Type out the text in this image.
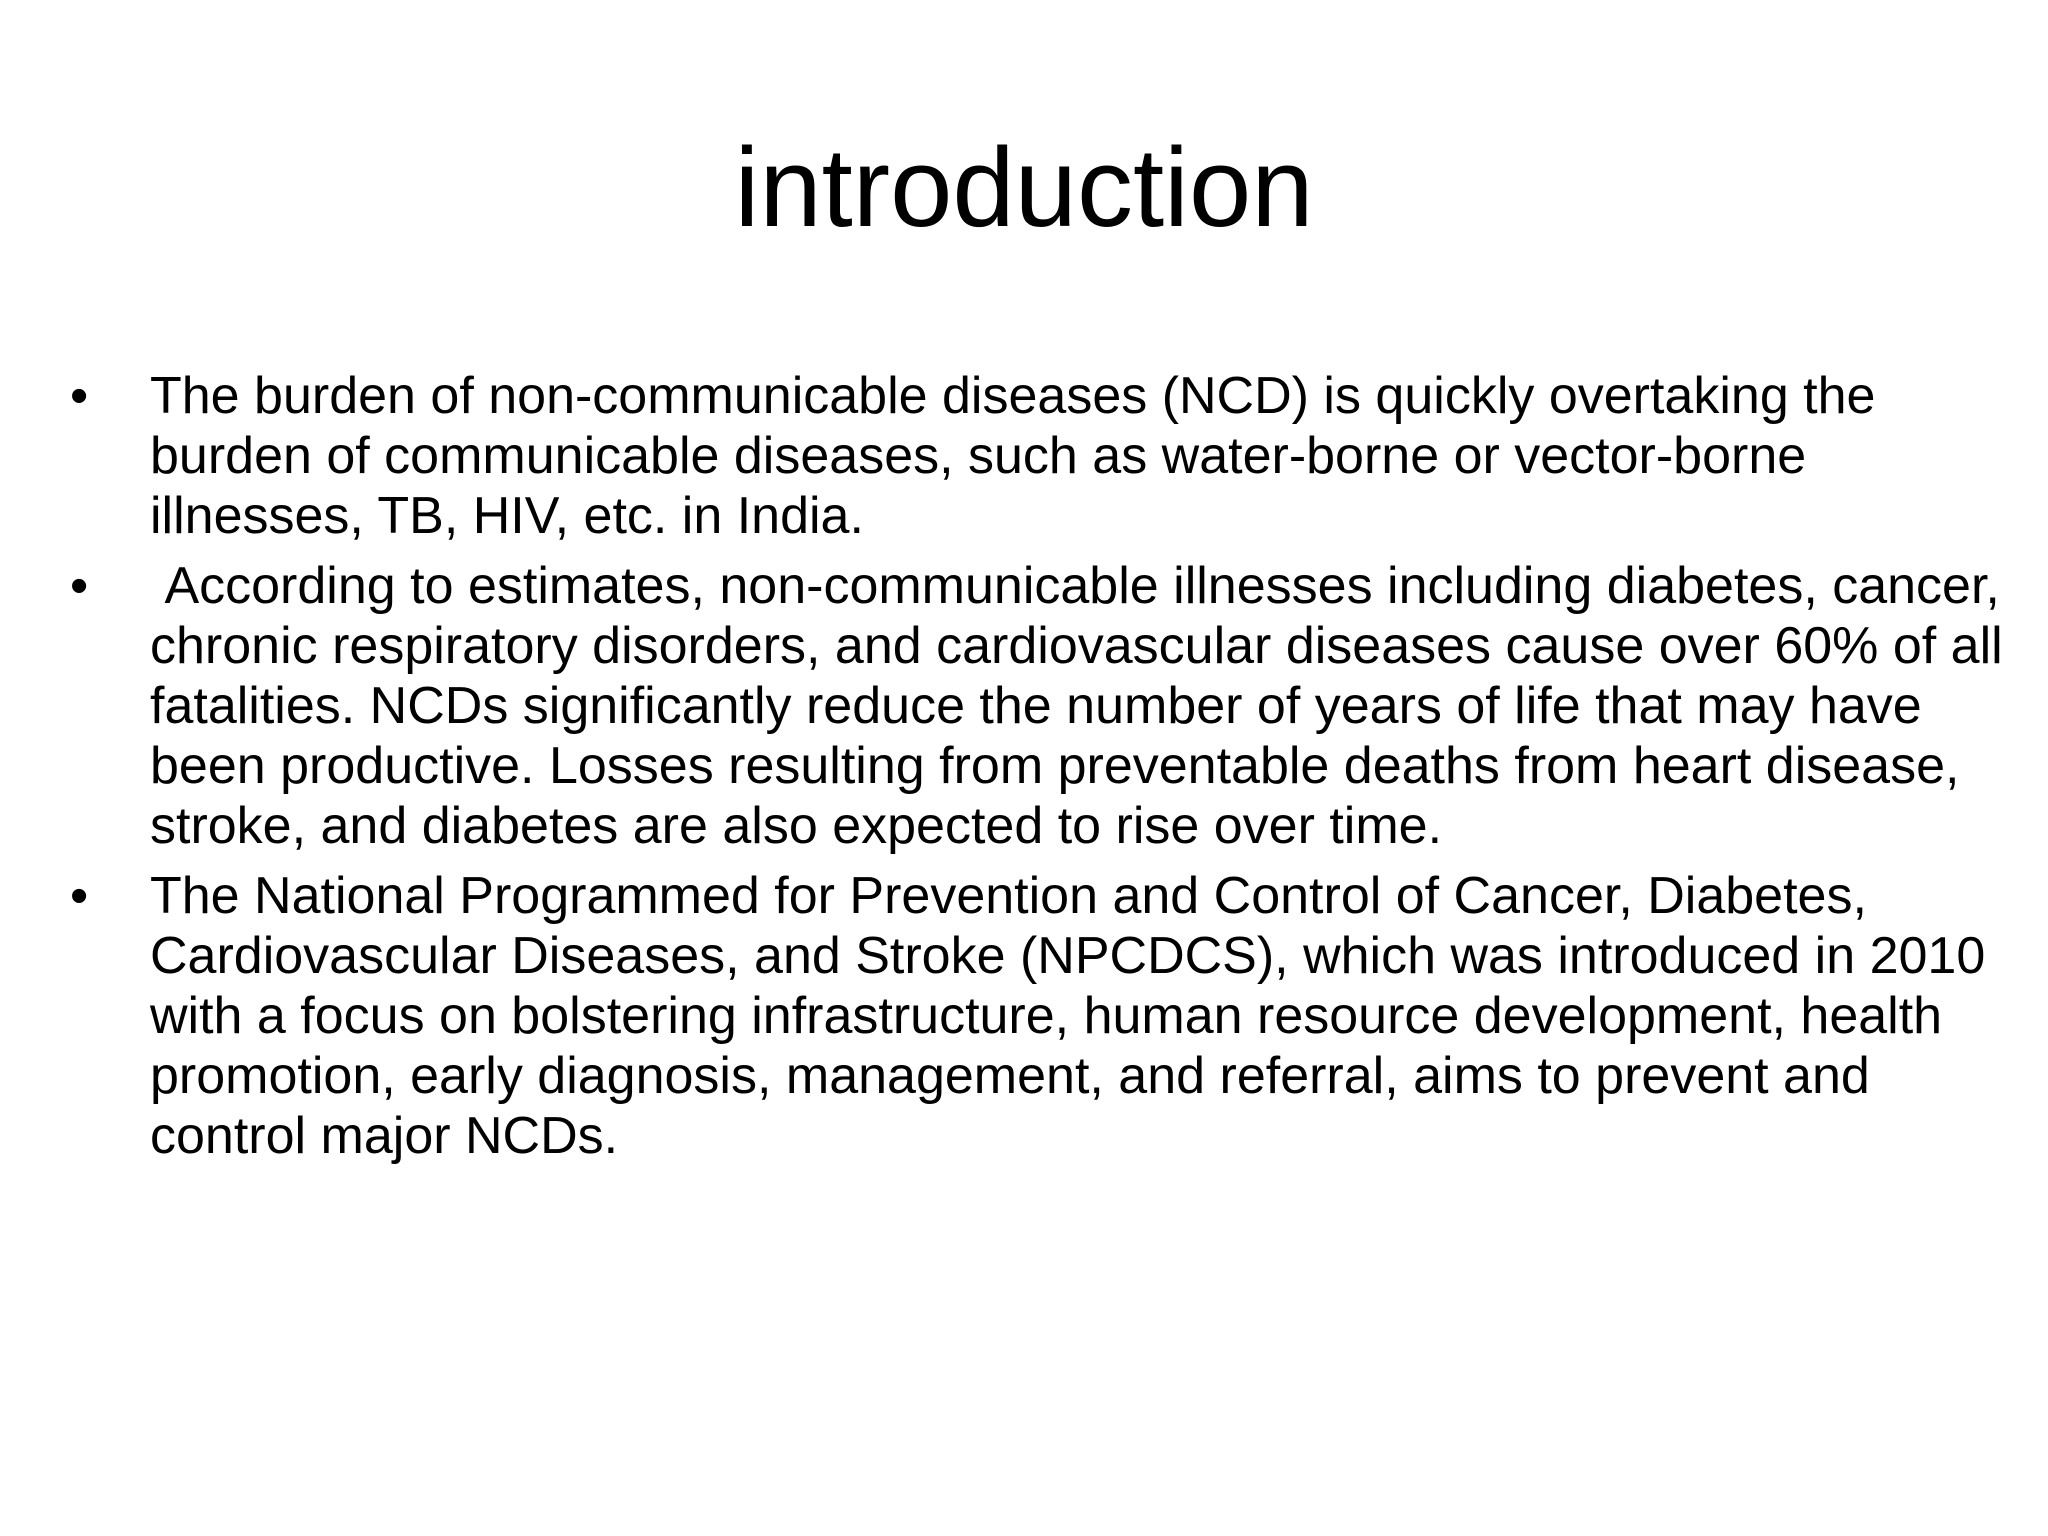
introduction
• The burden of non-communicable diseases (NCD) is quickly overtaking the burden of communicable diseases, such as water-borne or vector-borne illnesses, TB, HIV, etc. in India.
• According to estimates, non-communicable illnesses including diabetes, cancer, chronic respiratory disorders, and cardiovascular diseases cause over 60% of all fatalities. NCDs significantly reduce the number of years of life that may have been productive. Losses resulting from preventable deaths from heart disease, stroke, and diabetes are also expected to rise over time.
• The National Programmed for Prevention and Control of Cancer, Diabetes, Cardiovascular Diseases, and Stroke (NPCDCS), which was introduced in 2010 with a focus on bolstering infrastructure, human resource development, health promotion, early diagnosis, management, and referral, aims to prevent and control major NCDs.
